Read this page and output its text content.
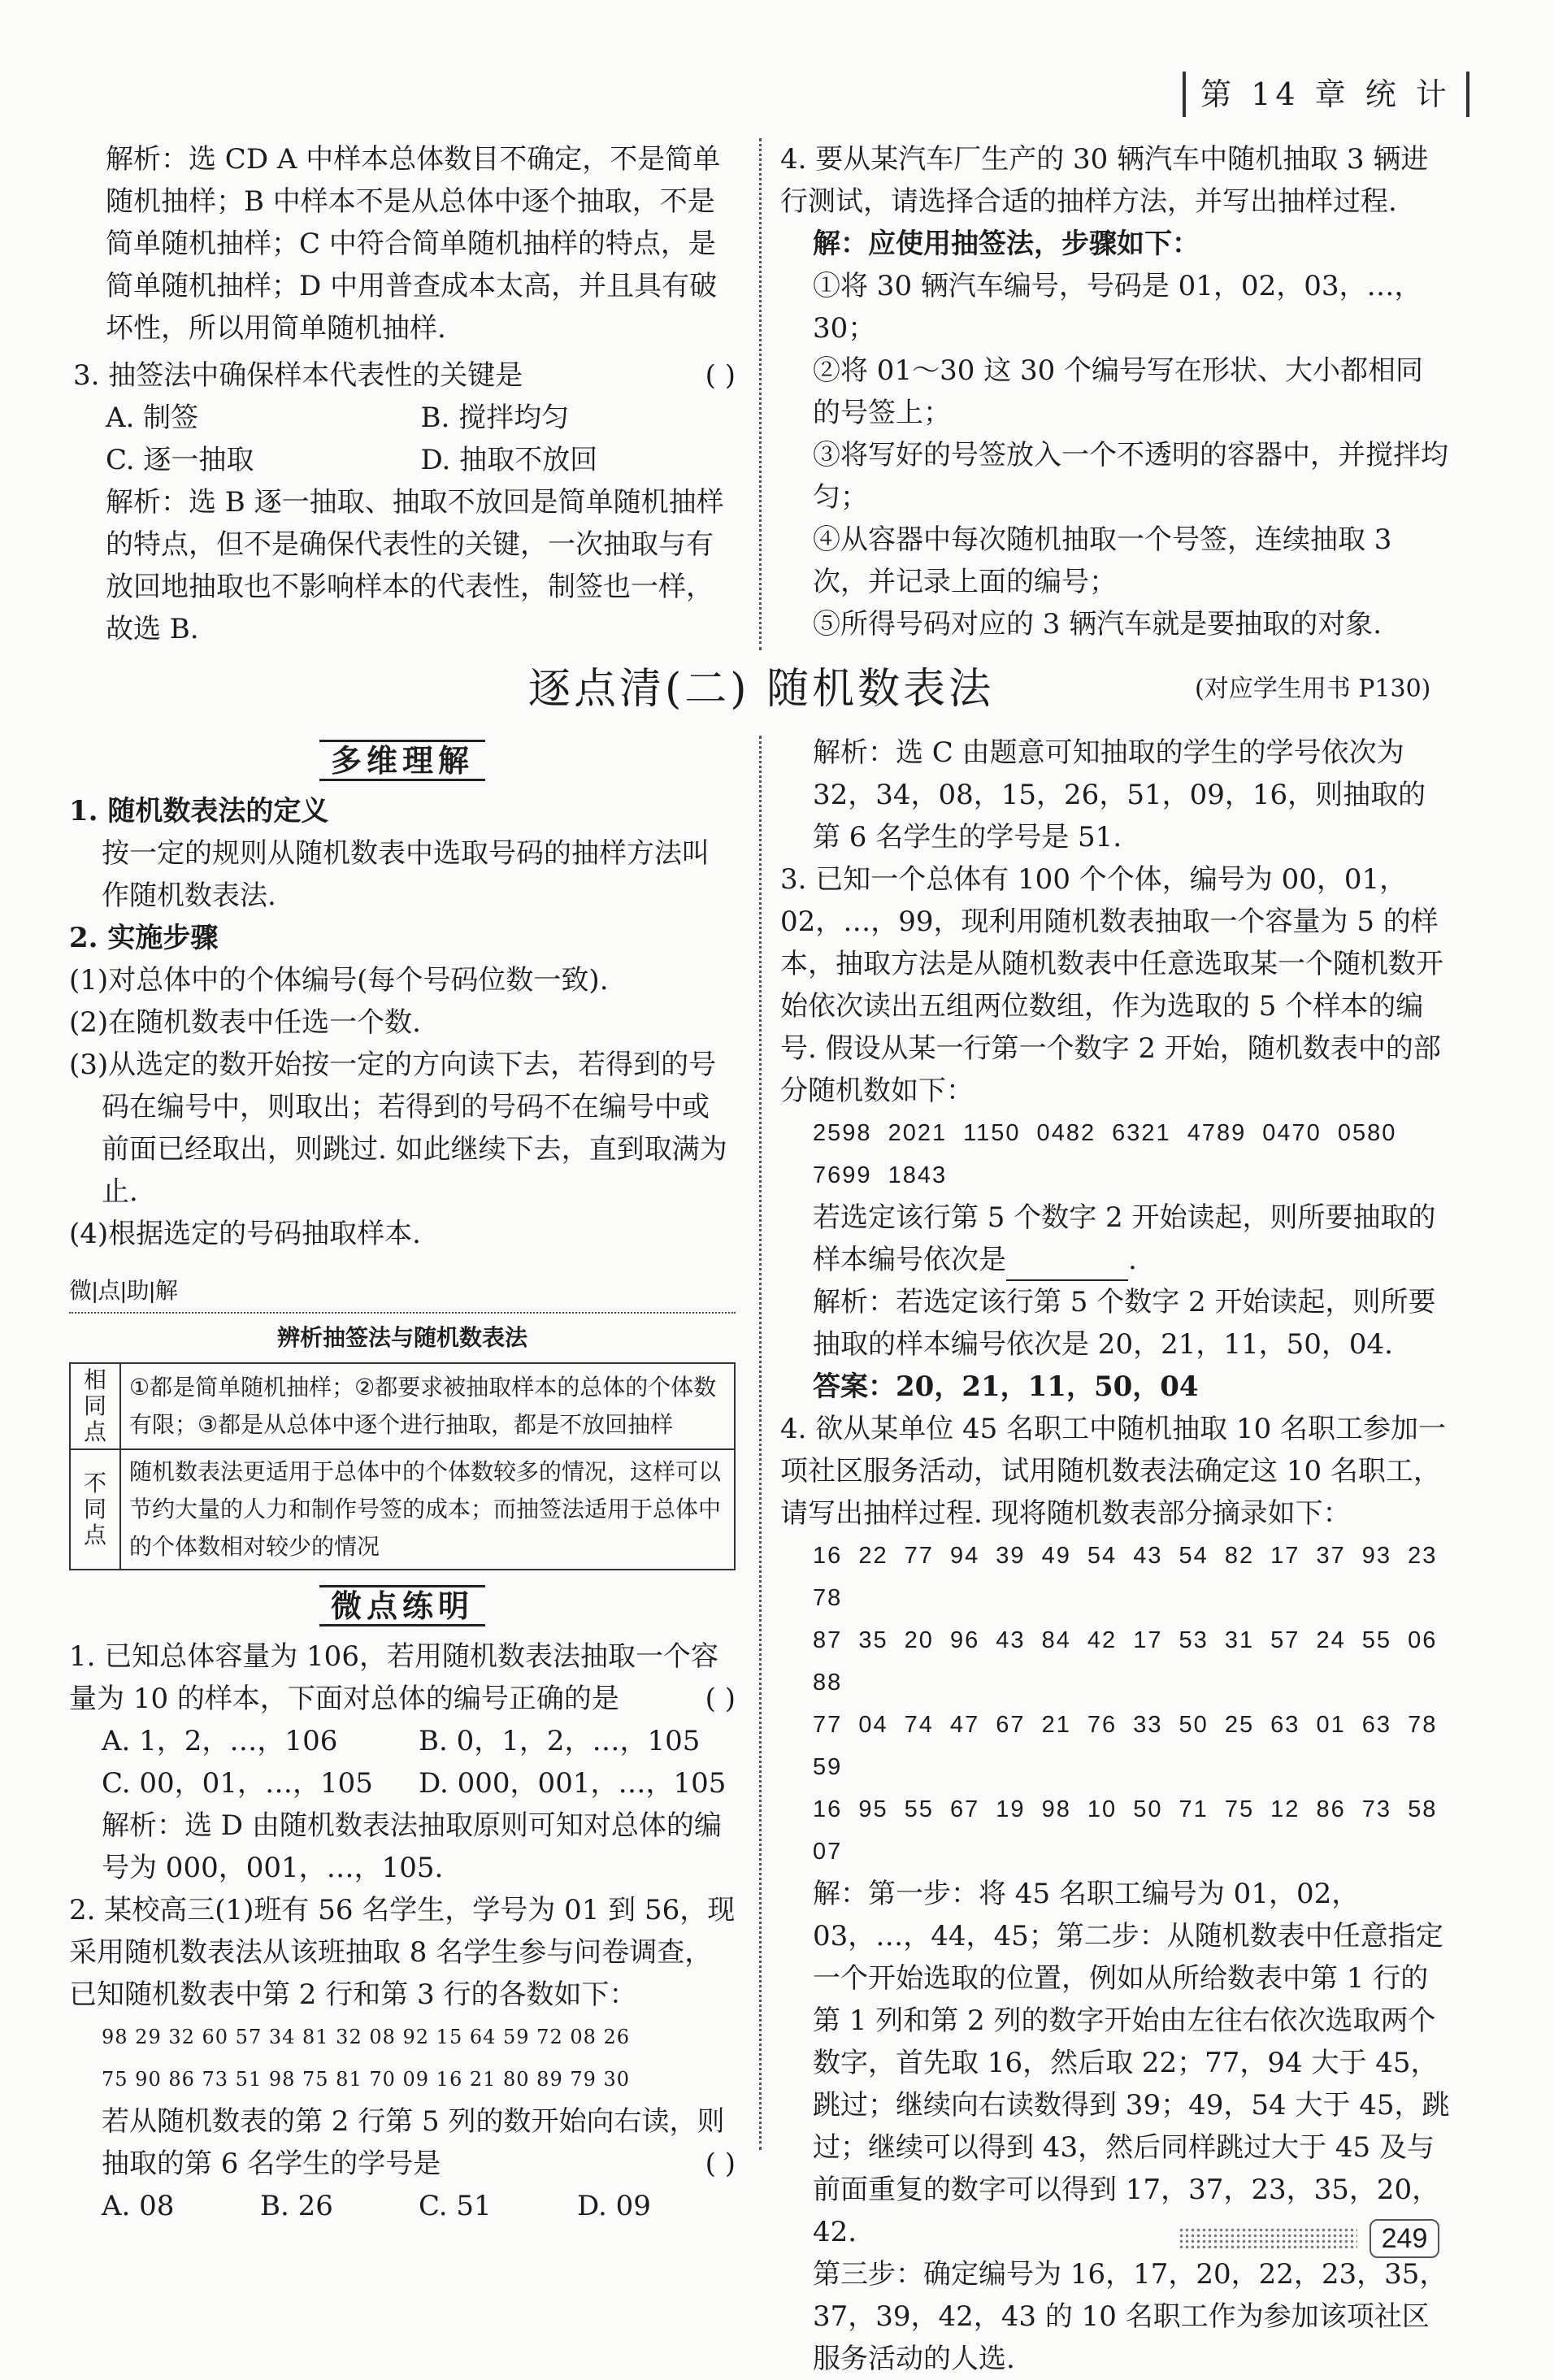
第 14 章 统 计

解析：选 CD A 中样本总体数目不确定，不是简单随机抽样；B 中样本不是从总体中逐个抽取，不是简单随机抽样；C 中符合简单随机抽样的特点，是简单随机抽样；D 中用普查成本太高，并且具有破坏性，所以用简单随机抽样.

3. 抽签法中确保样本代表性的关键是	( )

A. 制签	B. 搅拌均匀
C. 逐一抽取	D. 抽取不放回

解析：选 B 逐一抽取、抽取不放回是简单随机抽样的特点，但不是确保代表性的关键，一次抽取与有放回地抽取也不影响样本的代表性，制签也一样，故选 B.

4. 要从某汽车厂生产的 30 辆汽车中随机抽取 3 辆进行测试，请选择合适的抽样方法，并写出抽样过程.

解：应使用抽签法，步骤如下：

①将 30 辆汽车编号，号码是 01，02，03，…，30；

②将 01～30 这 30 个编号写在形状、大小都相同的号签上；

③将写好的号签放入一个不透明的容器中，并搅拌均匀；

④从容器中每次随机抽取一个号签，连续抽取 3 次，并记录上面的编号；

⑤所得号码对应的 3 辆汽车就是要抽取的对象.

逐点清(二) 随机数表法	(对应学生用书 P130)
多维理解

1. 随机数表法的定义

按一定的规则从随机数表中选取号码的抽样方法叫作随机数表法.

2. 实施步骤

(1)对总体中的个体编号(每个号码位数一致).

(2)在随机数表中任选一个数.

(3)从选定的数开始按一定的方向读下去，若得到的号码在编号中，则取出；若得到的号码不在编号中或前面已经取出，则跳过. 如此继续下去，直到取满为止.

(4)根据选定的号码抽取样本.

微|点|助|解
辨析抽签法与随机数表法
相同点	①都是简单随机抽样；②都要求被抽取样本的总体的个体数有限；③都是从总体中逐个进行抽取，都是不放回抽样
不同点	随机数表法更适用于总体中的个体数较多的情况，这样可以节约大量的人力和制作号签的成本；而抽签法适用于总体中的个体数相对较少的情况
微点练明

1. 已知总体容量为 106，若用随机数表法抽取一个容量为 10 的样本，下面对总体的编号正确的是	( )

A. 1，2，…，106	B. 0，1，2，…，105
C. 00，01，…，105	D. 000，001，…，105

解析：选 D 由随机数表法抽取原则可知对总体的编号为 000，001，…，105.

2. 某校高三(1)班有 56 名学生，学号为 01 到 56，现采用随机数表法从该班抽取 8 名学生参与问卷调查，已知随机数表中第 2 行和第 3 行的各数如下：

98 29 32 60 57 34 81 32 08 92 15 64 59 72 08 26

75 90 86 73 51 98 75 81 70 09 16 21 80 89 79 30

若从随机数表的第 2 行第 5 列的数开始向右读，则抽取的第 6 名学生的学号是	( )

A. 08	B. 26	C. 51	D. 09

解析：选 C 由题意可知抽取的学生的学号依次为 32，34，08，15，26，51，09，16，则抽取的第 6 名学生的学号是 51.

3. 已知一个总体有 100 个个体，编号为 00，01，02，…，99，现利用随机数表抽取一个容量为 5 的样本，抽取方法是从随机数表中任意选取某一个随机数开始依次读出五组两位数组，作为选取的 5 个样本的编号. 假设从某一行第一个数字 2 开始，随机数表中的部分随机数如下：

2598 2021 1150 0482 6321 4789 0470 0580 7699 1843

若选定该行第 5 个数字 2 开始读起，则所要抽取的样本编号依次是	.

解析：若选定该行第 5 个数字 2 开始读起，则所要抽取的样本编号依次是 20，21，11，50，04.

答案：20，21，11，50，04

4. 欲从某单位 45 名职工中随机抽取 10 名职工参加一项社区服务活动，试用随机数表法确定这 10 名职工，请写出抽样过程. 现将随机数表部分摘录如下：

16 22 77 94 39 49 54 43 54 82 17 37 93 23 78

87 35 20 96 43 84 42 17 53 31 57 24 55 06 88

77 04 74 47 67 21 76 33 50 25 63 01 63 78 59

16 95 55 67 19 98 10 50 71 75 12 86 73 58 07

解：第一步：将 45 名职工编号为 01，02，03，…，44，45；第二步：从随机数表中任意指定一个开始选取的位置，例如从所给数表中第 1 行的第 1 列和第 2 列的数字开始由左往右依次选取两个数字，首先取 16，然后取 22；77，94 大于 45，跳过；继续向右读数得到 39；49，54 大于 45，跳过；继续可以得到 43，然后同样跳过大于 45 及与前面重复的数字可以得到 17，37，23，35，20，42.

第三步：确定编号为 16，17，20，22，23，35，37，39，42，43 的 10 名职工作为参加该项社区服务活动的人选.

249
